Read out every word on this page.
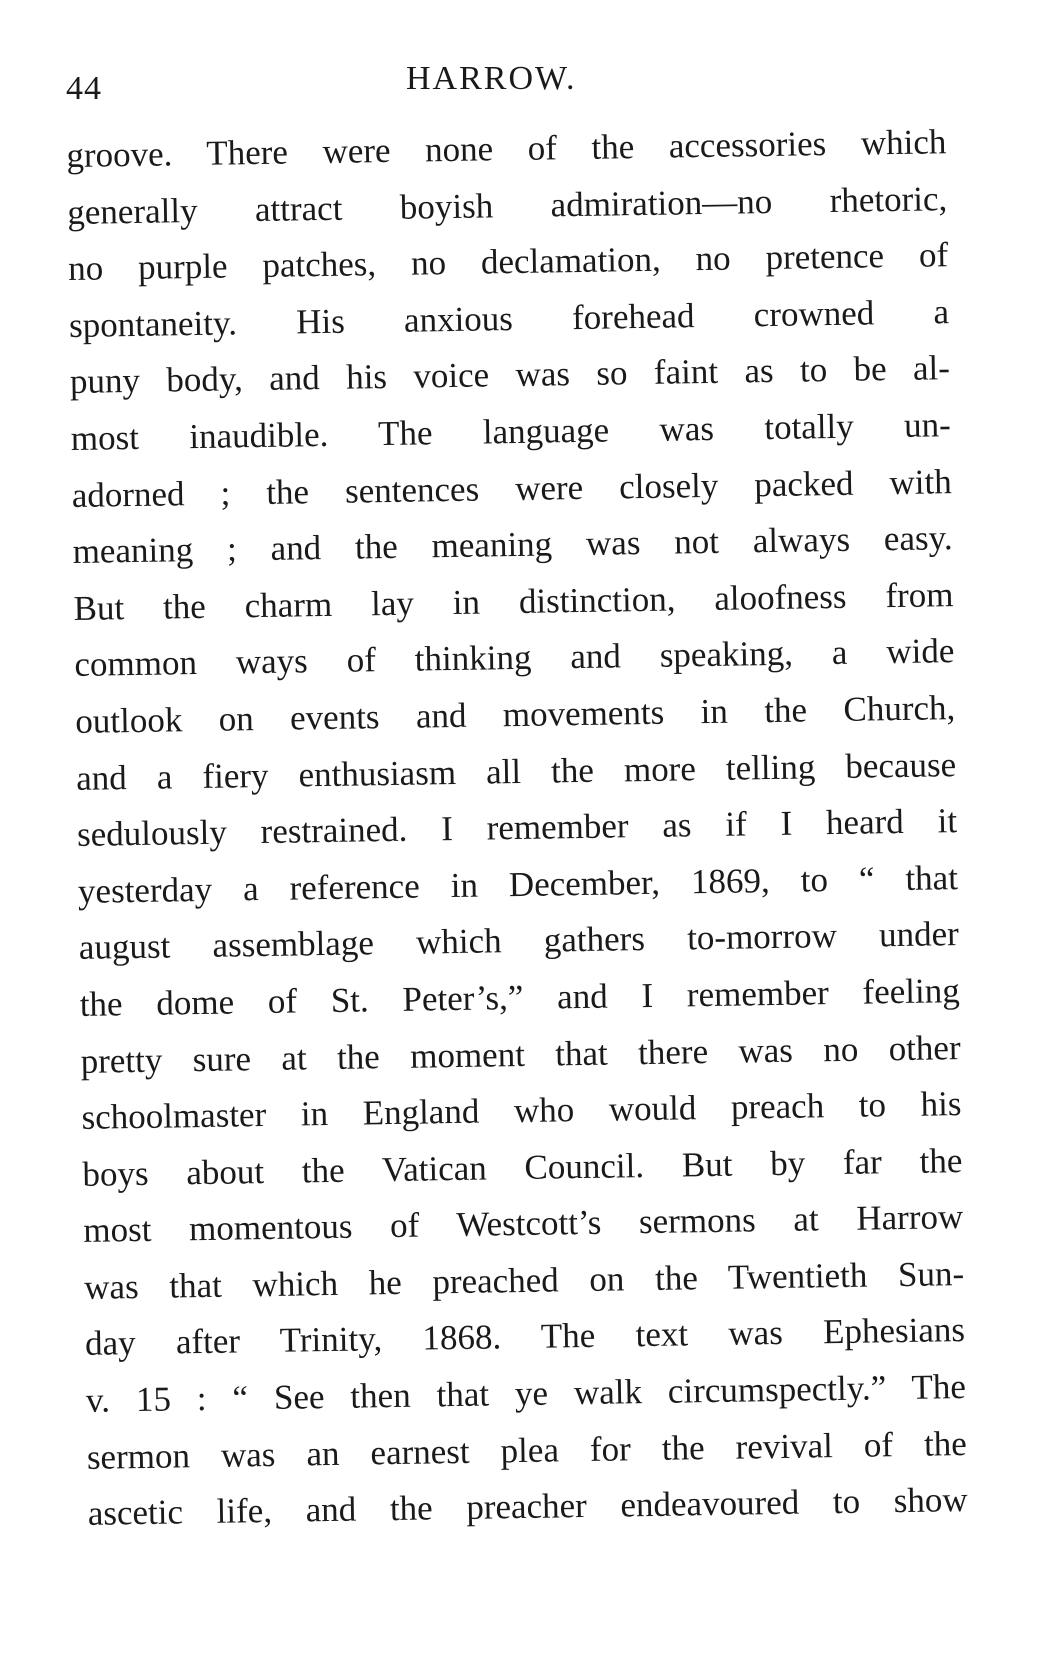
44	HARROW.
groove. There were none of the accessories which
generally attract boyish admiration—no rhetoric,
no purple patches, no declamation, no pretence of
spontaneity. His anxious forehead crowned a
puny body, and his voice was so faint as to be al-
most inaudible. The language was totally un-
adorned ; the sentences were closely packed with
meaning ; and the meaning was not always easy.
But the charm lay in distinction, aloofness from
common ways of thinking and speaking, a wide
outlook on events and movements in the Church,
and a fiery enthusiasm all the more telling because
sedulously restrained. I remember as if I heard it
yesterday a reference in December, 1869, to “ that
august assemblage which gathers to-morrow under
the dome of St. Peter’s,” and I remember feeling
pretty sure at the moment that there was no other
schoolmaster in England who would preach to his
boys about the Vatican Council. But by far the
most momentous of Westcott’s sermons at Harrow
was that which he preached on the Twentieth Sun-
day after Trinity, 1868. The text was Ephesians
v. 15 : “ See then that ye walk circumspectly.” The
sermon was an earnest plea for the revival of the
ascetic life, and the preacher endeavoured to show
